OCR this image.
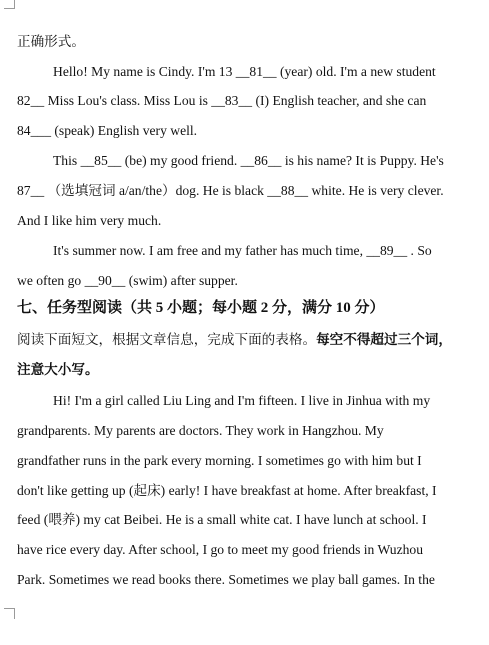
正确形式。
Hello! My name is Cindy. I'm 13 __81__ (year) old. I'm a new student
82__ Miss Lou's class. Miss Lou is __83__ (I) English teacher, and she can
84___ (speak) English very well.
This __85__ (be) my good friend. __86__ is his name? It is Puppy. He's
87__ （选填冠词 a/an/the）dog. He is black __88__ white. He is very clever.
And I like him very much.
It's summer now. I am free and my father has much time, __89__ . So
we often go __90__ (swim) after supper.
七、任务型阅读（共 5 小题；每小题 2 分，满分 10 分）
阅读下面短文，根据文章信息，完成下面的表格。每空不得超过三个词，
注意大小写。
Hi! I'm a girl called Liu Ling and I'm fifteen. I live in Jinhua with my
grandparents. My parents are doctors. They work in Hangzhou. My
grandfather runs in the park every morning. I sometimes go with him but I
don't like getting up (起床) early! I have breakfast at home. After breakfast, I
feed (喂养) my cat Beibei. He is a small white cat. I have lunch at school. I
have rice every day. After school, I go to meet my good friends in Wuzhou
Park. Sometimes we read books there. Sometimes we play ball games. In the
